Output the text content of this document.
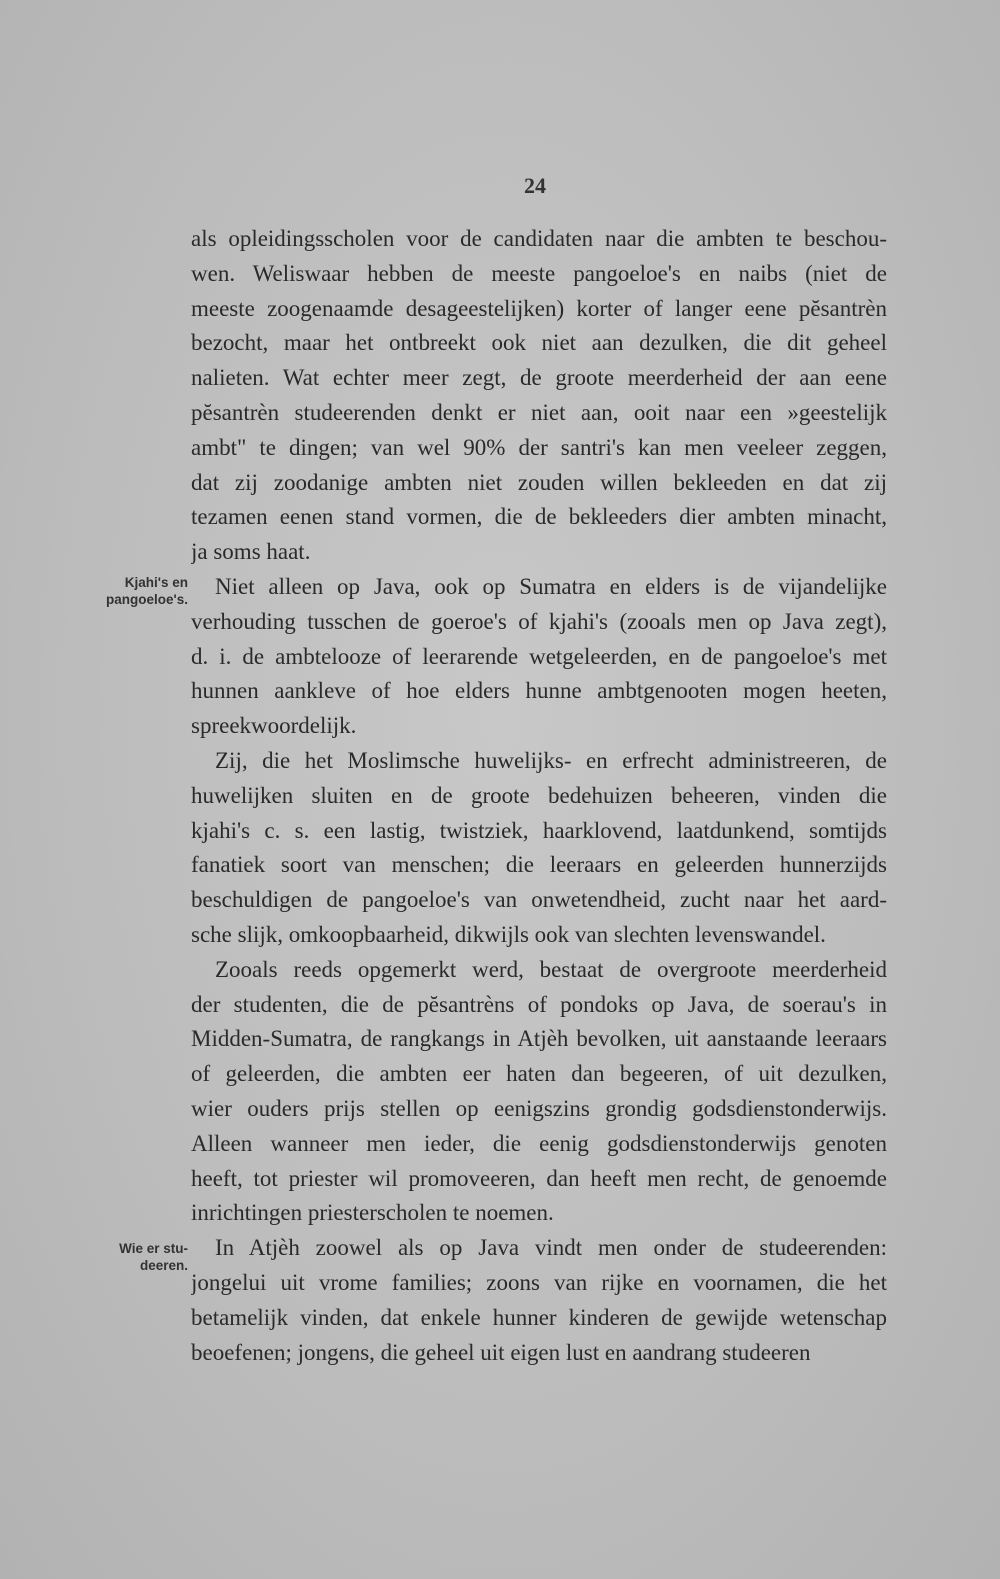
24
Kjahi's en
pangoeloe's.
Wie er stu-
deeren.

als opleidingsscholen voor de candidaten naar die ambten te beschou-
wen. Weliswaar hebben de meeste pangoeloe's en naibs (niet de
meeste zoogenaamde desageestelijken) korter of langer eene pĕsantrèn
bezocht, maar het ontbreekt ook niet aan dezulken, die dit geheel
nalieten. Wat echter meer zegt, de groote meerderheid der aan eene
pĕsantrèn studeerenden denkt er niet aan, ooit naar een »geestelijk
ambt" te dingen; van wel 90% der santri's kan men veeleer zeggen,
dat zij zoodanige ambten niet zouden willen bekleeden en dat zij
tezamen eenen stand vormen, die de bekleeders dier ambten minacht,
ja soms haat.

Niet alleen op Java, ook op Sumatra en elders is de vijandelijke
verhouding tusschen de goeroe's of kjahi's (zooals men op Java zegt),
d. i. de ambtelooze of leerarende wetgeleerden, en de pangoeloe's met
hunnen aankleve of hoe elders hunne ambtgenooten mogen heeten,
spreekwoordelijk.

Zij, die het Moslimsche huwelijks- en erfrecht administreeren, de
huwelijken sluiten en de groote bedehuizen beheeren, vinden die
kjahi's c. s. een lastig, twistziek, haarklovend, laatdunkend, somtijds
fanatiek soort van menschen; die leeraars en geleerden hunnerzijds
beschuldigen de pangoeloe's van onwetendheid, zucht naar het aard-
sche slijk, omkoopbaarheid, dikwijls ook van slechten levenswandel.

Zooals reeds opgemerkt werd, bestaat de overgroote meerderheid
der studenten, die de pĕsantrèns of pondoks op Java, de soerau's in
Midden-Sumatra, de rangkangs in Atjèh bevolken, uit aanstaande leeraars
of geleerden, die ambten eer haten dan begeeren, of uit dezulken,
wier ouders prijs stellen op eenigszins grondig godsdienstonderwijs.
Alleen wanneer men ieder, die eenig godsdienstonderwijs genoten
heeft, tot priester wil promoveeren, dan heeft men recht, de genoemde
inrichtingen priesterscholen te noemen.

In Atjèh zoowel als op Java vindt men onder de studeerenden:
jongelui uit vrome families; zoons van rijke en voornamen, die het
betamelijk vinden, dat enkele hunner kinderen de gewijde wetenschap
beoefenen; jongens, die geheel uit eigen lust en aandrang studeeren
